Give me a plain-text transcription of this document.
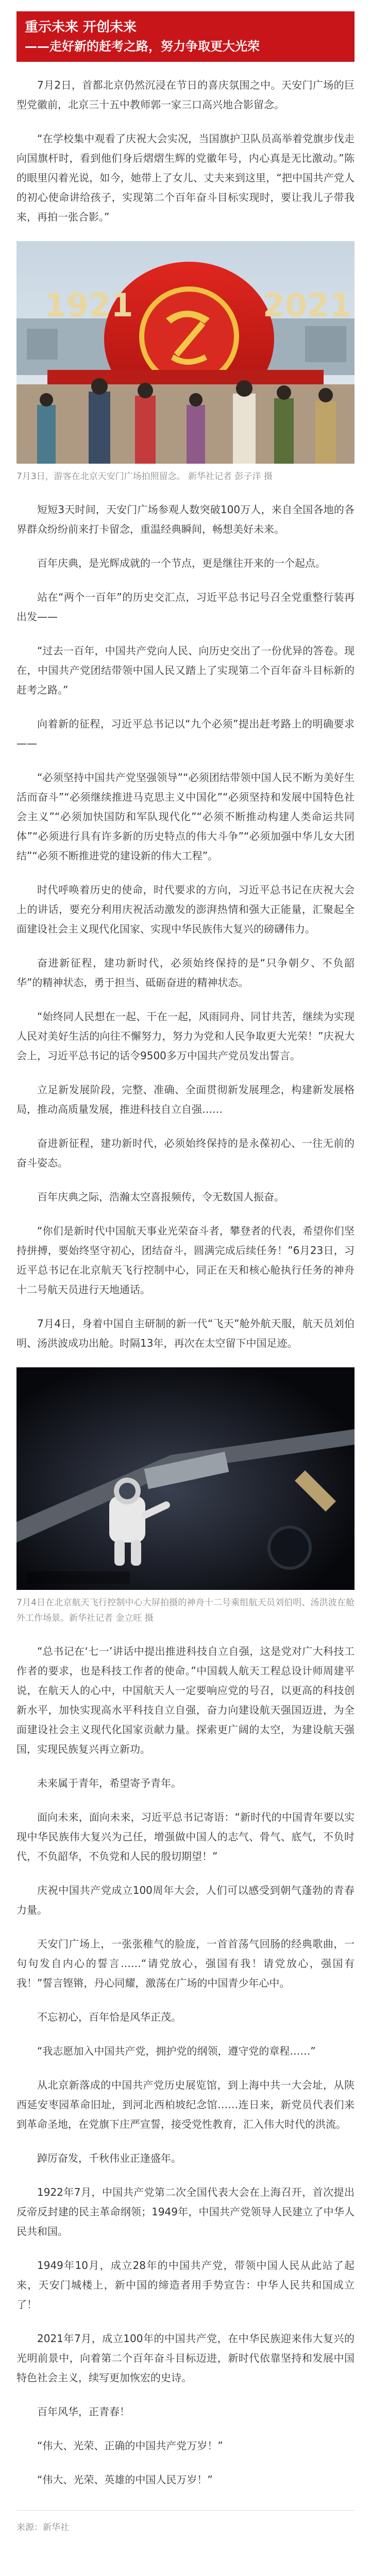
重示未来 开创未来
——走好新的赶考之路，努力争取更大光荣

7月2日，首都北京仍然沉浸在节日的喜庆氛围之中。天安门广场的巨型党徽前，北京三十五中教师郭一家三口高兴地合影留念。

“在学校集中观看了庆祝大会实况，当国旗护卫队员高举着党旗步伐走向国旗杆时，看到他们身后熠熠生辉的党徽年号，内心真是无比激动。”陈的眼里闪着光说，如今，她带上了女儿、丈夫来到这里，“把中国共产党人的初心使命讲给孩子，实现第二个百年奋斗目标实现时，要让我儿子带我来，再拍一张合影。”

1921	2021
7月3日，游客在北京天安门广场拍照留念。 新华社记者 彭子洋 摄

短短3天时间，天安门广场参观人数突破100万人，来自全国各地的各界群众纷纷前来打卡留念，重温经典瞬间，畅想美好未来。

百年庆典，是光辉成就的一个节点，更是继往开来的一个起点。

站在“两个一百年”的历史交汇点，习近平总书记号召全党重整行装再出发——

“过去一百年，中国共产党向人民、向历史交出了一份优异的答卷。现在，中国共产党团结带领中国人民又踏上了实现第二个百年奋斗目标新的赶考之路。”

向着新的征程，习近平总书记以“九个必须”提出赶考路上的明确要求——

“必须坚持中国共产党坚强领导”“必须团结带领中国人民不断为美好生活而奋斗”“必须继续推进马克思主义中国化”“必须坚持和发展中国特色社会主义”“必须加快国防和军队现代化”“必须不断推动构建人类命运共同体”“必须进行具有许多新的历史特点的伟大斗争”“必须加强中华儿女大团结”“必须不断推进党的建设新的伟大工程”。

时代呼唤着历史的使命，时代要求的方向，习近平总书记在庆祝大会上的讲话，要充分利用庆祝活动激发的澎湃热情和强大正能量，汇聚起全面建设社会主义现代化国家、实现中华民族伟大复兴的磅礴伟力。

奋进新征程，建功新时代，必须始终保持的是“只争朝夕、不负韶华”的精神状态，勇于担当、砥砺奋进的精神状态。

“始终同人民想在一起、干在一起，风雨同舟、同甘共苦，继续为实现人民对美好生活的向往不懈努力，努力为党和人民争取更大光荣！”庆祝大会上，习近平总书记的话令9500多万中国共产党员发出誓言。

立足新发展阶段，完整、准确、全面贯彻新发展理念，构建新发展格局，推动高质量发展，推进科技自立自强……

奋进新征程，建功新时代，必须始终保持的是永葆初心、一往无前的奋斗姿态。

百年庆典之际，浩瀚太空喜报频传，令无数国人振奋。

“你们是新时代中国航天事业光荣奋斗者，攀登者的代表，希望你们坚持拼搏，要始终坚守初心，团结奋斗，圆满完成后续任务！”6月23日，习近平总书记在北京航天飞行控制中心，同正在天和核心舱执行任务的神舟十二号航天员进行天地通话。

7月4日，身着中国自主研制的新一代“飞天”舱外航天服，航天员刘伯明、汤洪波成功出舱。时隔13年，再次在太空留下中国足迹。

7月4日在北京航天飞行控制中心大屏拍摄的神舟十二号乘组航天员刘伯明、汤洪波在舱外工作场景。新华社记者 金立旺 摄

“总书记在‘七一’讲话中提出推进科技自立自强，这是党对广大科技工作者的要求，也是科技工作者的使命。”中国载人航天工程总设计师周建平说，在航天人的心中，中国航天人一定要响应党的号召，以更高的科技创新水平，加快实现高水平科技自立自强，奋力向建设航天强国迈进，为全面建设社会主义现代化国家贡献力量。探索更广阔的太空，为建设航天强国，实现民族复兴再立新功。

未来属于青年，希望寄予青年。

面向未来，面向未来，习近平总书记寄语：“新时代的中国青年要以实现中华民族伟大复兴为己任，增强做中国人的志气、骨气、底气，不负时代，不负韶华，不负党和人民的殷切期望！”

庆祝中国共产党成立100周年大会，人们可以感受到朝气蓬勃的青春力量。

天安门广场上，一张张稚气的脸庞，一首首荡气回肠的经典歌曲，一句句发自内心的誓言……“请党放心，强国有我！请党放心，强国有我！”誓言铿锵，丹心同耀，激荡在广场的中国青少年心中。

不忘初心，百年恰是风华正茂。

“我志愿加入中国共产党，拥护党的纲领，遵守党的章程……”

从北京新落成的中国共产党历史展览馆，到上海中共一大会址，从陕西延安枣园革命旧址，到河北西柏坡纪念馆……连日来，新党员代表们来到革命圣地，在党旗下庄严宣誓，接受党性教育，汇入伟大时代的洪流。

踔厉奋发，千秋伟业正逢盛年。

1922年7月，中国共产党第二次全国代表大会在上海召开，首次提出反帝反封建的民主革命纲领；1949年，中国共产党领导人民建立了中华人民共和国。

1949年10月，成立28年的中国共产党，带领中国人民从此站了起来，天安门城楼上，新中国的缔造者用手势宣告：中华人民共和国成立了！

2021年7月，成立100年的中国共产党，在中华民族迎来伟大复兴的光明前景中，向着第二个百年奋斗目标迈进，新时代依靠坚持和发展中国特色社会主义，续写更加恢宏的史诗。

百年风华，正青春！

“伟大、光荣、正确的中国共产党万岁！”

“伟大、光荣、英雄的中国人民万岁！”

来源：新华社
